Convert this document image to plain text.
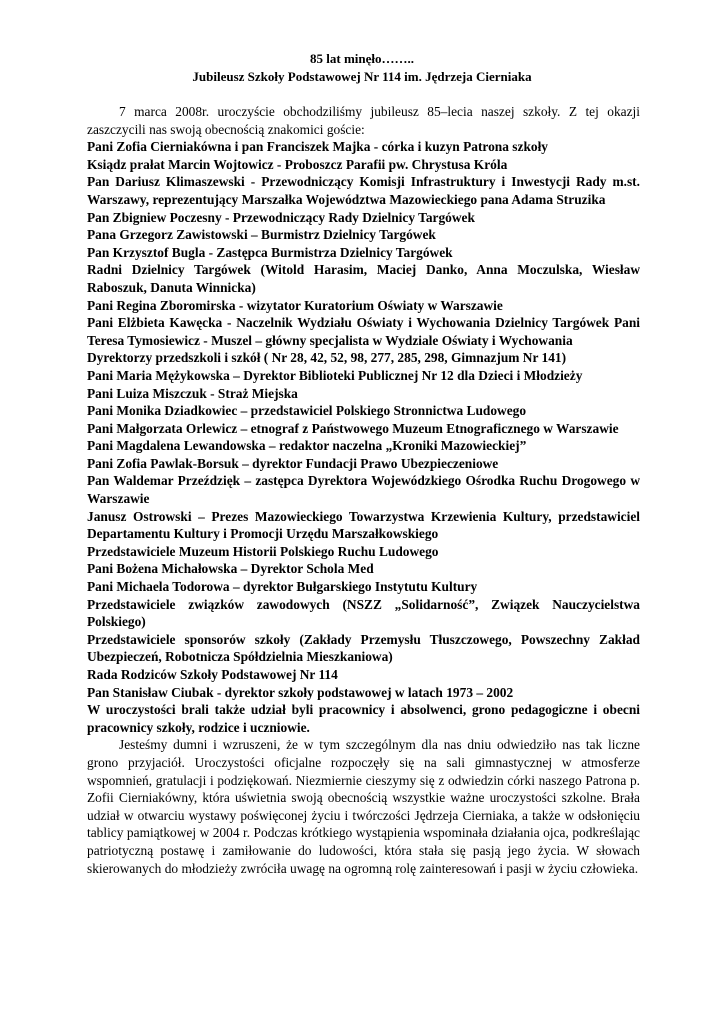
85 lat minęło……..

Jubileusz Szkoły Podstawowej Nr 114 im. Jędrzeja Cierniaka

7 marca 2008r. uroczyście obchodziliśmy jubileusz 85–lecia naszej szkoły. Z tej okazji zaszczycili nas swoją obecnością znakomici goście:

Pani Zofia Cierniakówna i pan Franciszek Majka - córka i kuzyn Patrona szkoły

Ksiądz prałat Marcin Wojtowicz - Proboszcz Parafii pw. Chrystusa Króla

Pan Dariusz Klimaszewski - Przewodniczący Komisji Infrastruktury i Inwestycji Rady m.st. Warszawy, reprezentujący Marszałka Województwa Mazowieckiego pana Adama Struzika

Pan Zbigniew Poczesny - Przewodniczący Rady Dzielnicy Targówek

Pana Grzegorz Zawistowski – Burmistrz Dzielnicy Targówek

Pan Krzysztof Bugla - Zastępca Burmistrza Dzielnicy Targówek

Radni Dzielnicy Targówek (Witold Harasim, Maciej Danko, Anna Moczulska, Wiesław Raboszuk, Danuta Winnicka)

Pani Regina Zboromirska - wizytator Kuratorium Oświaty w Warszawie

Pani Elżbieta Kawęcka - Naczelnik Wydziału Oświaty i Wychowania Dzielnicy Targówek Pani Teresa Tymosiewicz - Muszel – główny specjalista w Wydziale Oświaty i Wychowania

Dyrektorzy przedszkoli i szkół ( Nr 28, 42, 52, 98, 277, 285, 298, Gimnazjum Nr 141)

Pani Maria Mężykowska – Dyrektor Biblioteki Publicznej Nr 12 dla Dzieci i Młodzieży

Pani Luiza Miszczuk - Straż Miejska

Pani Monika Dziadkowiec – przedstawiciel Polskiego Stronnictwa Ludowego

Pani Małgorzata Orlewicz – etnograf z Państwowego Muzeum Etnograficznego w Warszawie

Pani Magdalena Lewandowska – redaktor naczelna „Kroniki Mazowieckiej”

Pani Zofia Pawlak-Borsuk – dyrektor Fundacji Prawo Ubezpieczeniowe

Pan Waldemar Przeździęk – zastępca Dyrektora Wojewódzkiego Ośrodka Ruchu Drogowego w Warszawie

Janusz Ostrowski – Prezes Mazowieckiego Towarzystwa Krzewienia Kultury, przedstawiciel Departamentu Kultury i Promocji Urzędu Marszałkowskiego

Przedstawiciele Muzeum Historii Polskiego Ruchu Ludowego

Pani Bożena Michałowska – Dyrektor Schola Med

Pani Michaela Todorowa – dyrektor Bułgarskiego Instytutu Kultury

Przedstawiciele związków zawodowych (NSZZ „Solidarność”, Związek Nauczycielstwa Polskiego)

Przedstawiciele sponsorów szkoły (Zakłady Przemysłu Tłuszczowego, Powszechny Zakład Ubezpieczeń, Robotnicza Spółdzielnia Mieszkaniowa)

Rada Rodziców Szkoły Podstawowej Nr 114

Pan Stanisław Ciubak - dyrektor szkoły podstawowej w latach 1973 – 2002

W uroczystości brali także udział byli pracownicy i absolwenci, grono pedagogiczne i obecni pracownicy szkoły, rodzice i uczniowie.

Jesteśmy dumni i wzruszeni, że w tym szczególnym dla nas dniu odwiedziło nas tak liczne grono przyjaciół. Uroczystości oficjalne rozpoczęły się na sali gimnastycznej w atmosferze wspomnień, gratulacji i podziękowań. Niezmiernie cieszymy się z odwiedzin córki naszego Patrona p. Zofii Cierniakówny, która uświetnia swoją obecnością wszystkie ważne uroczystości szkolne. Brała udział w otwarciu wystawy poświęconej życiu i twórczości Jędrzeja Cierniaka, a także w odsłonięciu tablicy pamiątkowej w 2004 r. Podczas krótkiego wystąpienia wspominała działania ojca, podkreślając patriotyczną postawę i zamiłowanie do ludowości, która stała się pasją jego życia. W słowach skierowanych do młodzieży zwróciła uwagę na ogromną rolę zainteresowań i pasji w życiu człowieka.
